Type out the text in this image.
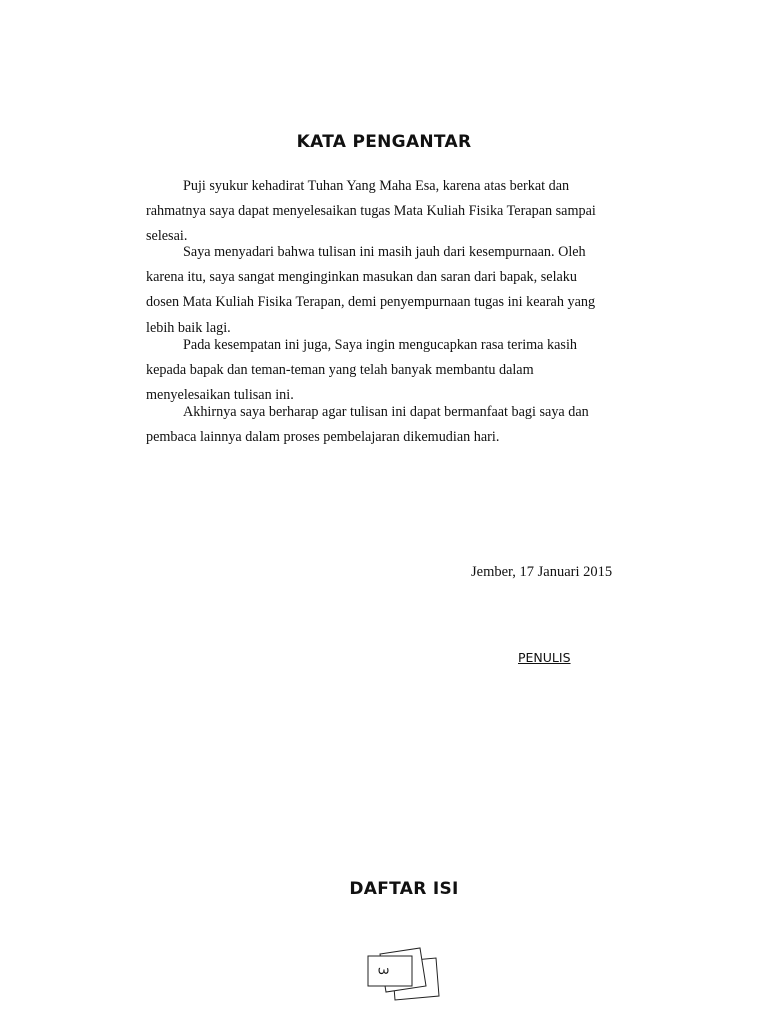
KATA PENGANTAR

Puji syukur kehadirat Tuhan Yang Maha Esa, karena atas berkat dan

rahmatnya saya dapat menyelesaikan tugas Mata Kuliah Fisika Terapan sampai

selesai.

Saya menyadari bahwa tulisan ini masih jauh dari kesempurnaan. Oleh

karena itu, saya sangat menginginkan masukan dan saran dari bapak, selaku

dosen Mata Kuliah Fisika Terapan, demi penyempurnaan tugas ini kearah yang

lebih baik lagi.

Pada kesempatan ini juga, Saya ingin mengucapkan rasa terima kasih

kepada bapak dan teman-teman yang telah banyak membantu dalam

menyelesaikan tulisan ini.

Akhirnya saya berharap agar tulisan ini dapat bermanfaat bagi saya dan

pembaca lainnya dalam proses pembelajaran dikemudian hari.

Jember, 17 Januari 2015
PENULIS
DAFTAR ISI
3
